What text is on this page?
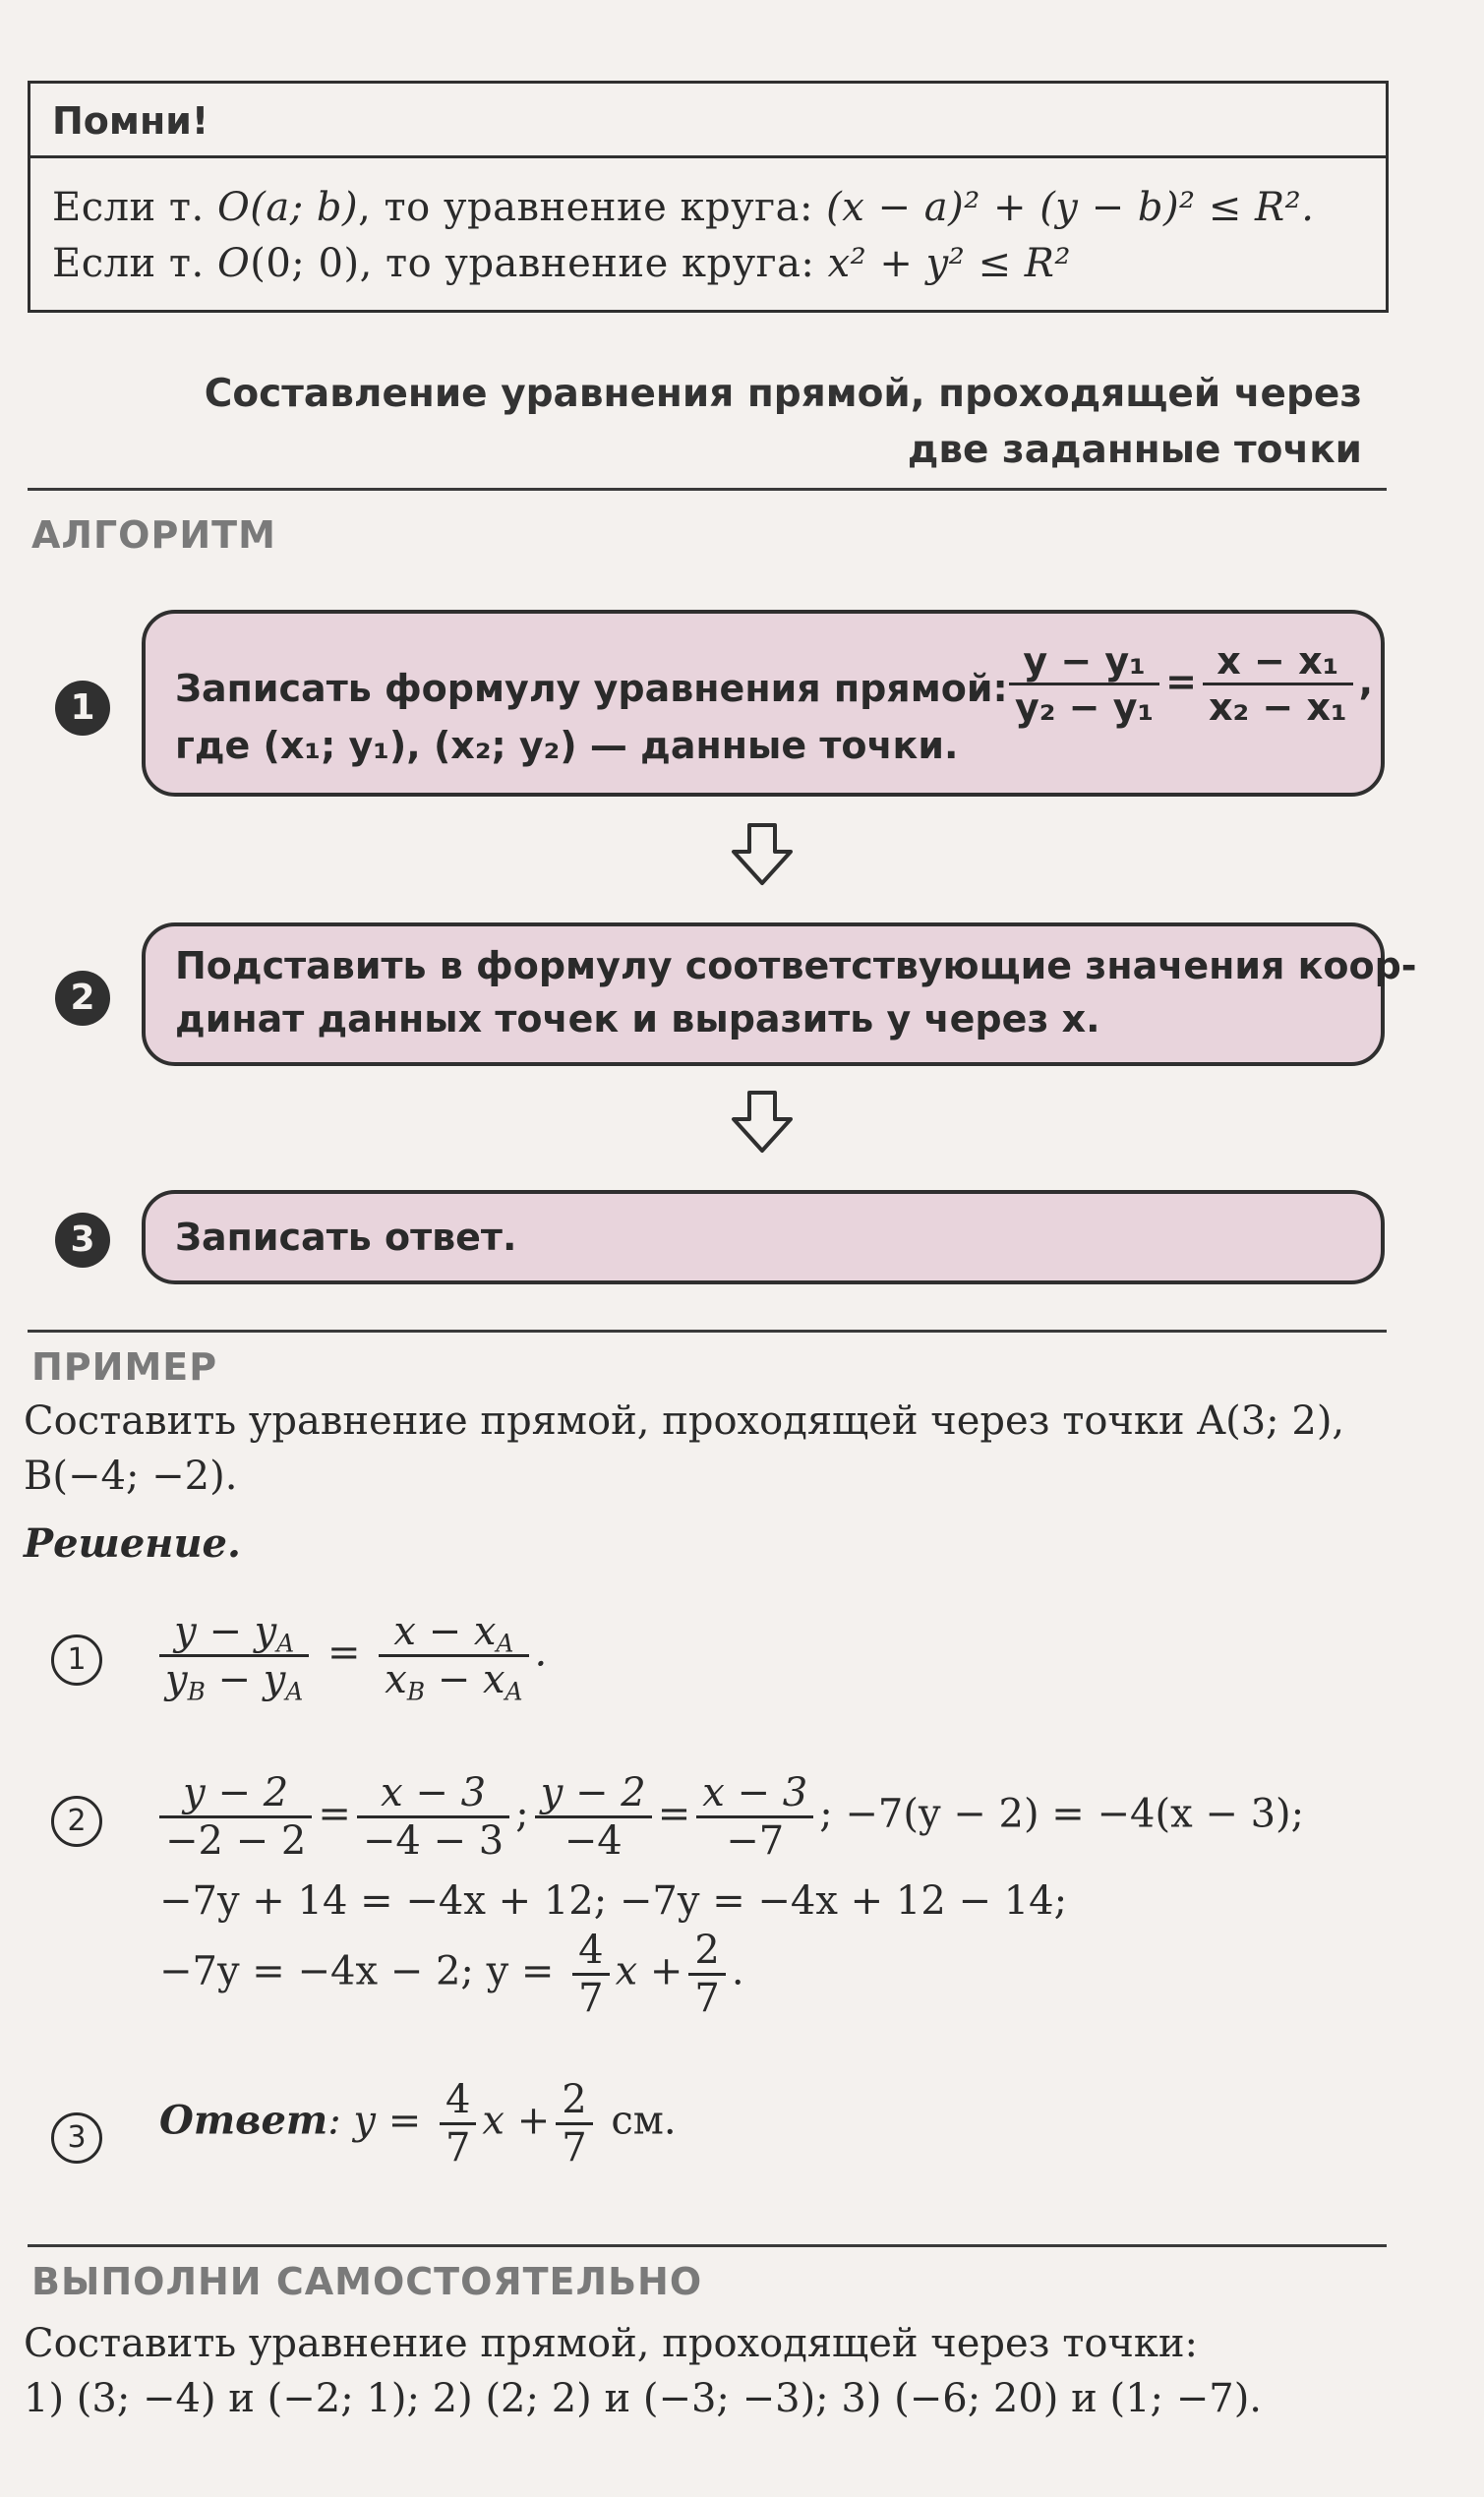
Помни!
Если т. O(a; b), то уравнение круга: (x − a)² + (y − b)² ≤ R².
Если т. O(0; 0), то уравнение круга: x² + y² ≤ R²
Составление уравнения прямой, проходящей через
две заданные точки
АЛГОРИТМ
1	Записать формулу уравнения прямой:
где (x₁; y₁), (x₂; y₂) — данные точки.
$\frac{\text{y − y₁}}{\text{y₂ − y₁}} = \frac{\text{x − x₁}}{\text{x₂ − x₁}}$ ,
2
Подставить в формулу соответствующие значения коор-
динат данных точек и выразить y через x.
3	Записать ответ.
ПРИМЕР
Составить уравнение прямой, проходящей через точки A(3; 2),
B(−4; −2).
Решение.
1	$\frac{y - y_A}{y_B - y_A} = \frac{x - x_A}{x_B - x_A}$ .
2	$\frac{y - 2}{-2 - 2} = \frac{x - 3}{-4 - 3}$ ; $\frac{y - 2}{-4} = \frac{x - 3}{-7}$ ; −7(y − 2) = −4(x − 3);
−7y + 14 = −4x + 12; −7y = −4x + 12 − 14;
−7y = −4x − 2; $y = \frac{4}{7}$ $x + \frac{2}{7}$ .
3	Ответ: $y = \frac{4}{7}$ $x + \frac{2}{7}$ см.
ВЫПОЛНИ САМОСТОЯТЕЛЬНО
Составить уравнение прямой, проходящей через точки:
1) (3; −4) и (−2; 1); 2) (2; 2) и (−3; −3); 3) (−6; 20) и (1; −7).
